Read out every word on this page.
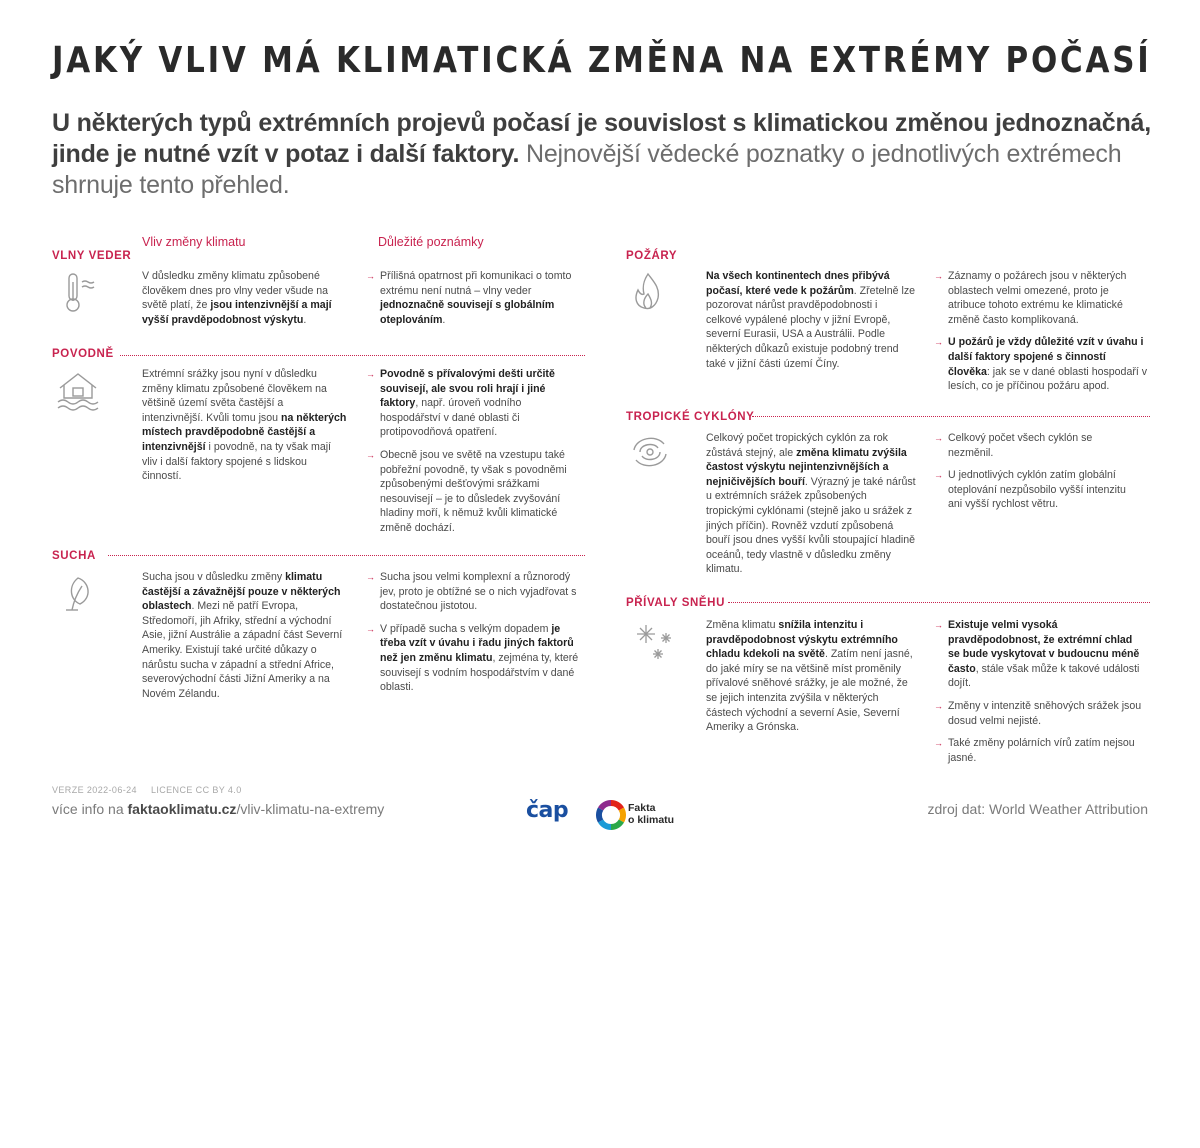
JAKÝ VLIV MÁ KLIMATICKÁ ZMĚNA NA EXTRÉMY POČASÍ
U některých typů extrémních projevů počasí je souvislost s klimatickou změnou jednoznačná, jinde je nutné vzít v potaz i další faktory. Nejnovější vědecké poznatky o jednotlivých extrémech shrnuje tento přehled.
Vliv změny klimatu	Důležité poznámky
VLNY VEDER
V důsledku změny klimatu způsobené člověkem dnes pro vlny veder všude na světě platí, že jsou intenzivnější a mají vyšší pravděpodobnost výskytu.
→ Přílišná opatrnost při komunikaci o tomto extrému není nutná – vlny veder jednoznačně souvisejí s globálním oteplováním.
POVODNĚ
Extrémní srážky jsou nyní v důsledku změny klimatu způsobené člověkem na většině území světa častější a intenzivnější. Kvůli tomu jsou na některých místech pravděpodobně častější a intenzivnější i povodně, na ty však mají vliv i další faktory spojené s lidskou činností.
→ Povodně s přívalovými dešti určitě souvisejí, ale svou roli hrají i jiné faktory, např. úroveň vodního hospodářství v dané oblasti či protipovodňová opatření.
→ Obecně jsou ve světě na vzestupu také pobřežní povodně, ty však s povodněmi způsobenými dešťovými srážkami nesouvisejí – je to důsledek zvyšování hladiny moří, k němuž kvůli klimatické změně dochází.
SUCHA
Sucha jsou v důsledku změny klimatu častější a závažnější pouze v některých oblastech. Mezi ně patří Evropa, Středomoří, jih Afriky, střední a východní Asie, jižní Austrálie a západní část Severní Ameriky. Existují také určité důkazy o nárůstu sucha v západní a střední Africe, severovýchodní části Jižní Ameriky a na Novém Zélandu.
→ Sucha jsou velmi komplexní a různorodý jev, proto je obtížné se o nich vyjadřovat s dostatečnou jistotou.
→ V případě sucha s velkým dopadem je třeba vzít v úvahu i řadu jiných faktorů než jen změnu klimatu, zejména ty, které souvisejí s vodním hospodářstvím v dané oblasti.
POŽÁRY
Na všech kontinentech dnes přibývá počasí, které vede k požárům. Zřetelně lze pozorovat nárůst pravděpodobnosti i celkové vypálené plochy v jižní Evropě, severní Eurasii, USA a Austrálii. Podle některých důkazů existuje podobný trend také v jižní části území Číny.
→ Záznamy o požárech jsou v některých oblastech velmi omezené, proto je atribuce tohoto extrému ke klimatické změně často komplikovaná.
→ U požárů je vždy důležité vzít v úvahu i další faktory spojené s činností člověka: jak se v dané oblasti hospodaří v lesích, co je příčinou požáru apod.
TROPICKÉ CYKLÓNY
Celkový počet tropických cyklón za rok zůstává stejný, ale změna klimatu zvýšila častost výskytu nejintenzivnějších a nejničivějších bouří. Výrazný je také nárůst u extrémních srážek způsobených tropickými cyklónami (stejně jako u srážek z jiných příčin). Rovněž vzdutí způsobená bouří jsou dnes vyšší kvůli stoupající hladině oceánů, tedy vlastně v důsledku změny klimatu.
→ Celkový počet všech cyklón se nezměnil.
→ U jednotlivých cyklón zatím globální oteplování nezpůsobilo vyšší intenzitu ani vyšší rychlost větru.
PŘÍVALY SNĚHU
Změna klimatu snížila intenzitu i pravděpodobnost výskytu extrémního chladu kdekoli na světě. Zatím není jasné, do jaké míry se na většině míst proměnily přívalové sněhové srážky, je ale možné, že se jejich intenzita zvýšila v některých částech východní a severní Asie, Severní Ameriky a Grónska.
→ Existuje velmi vysoká pravděpodobnost, že extrémní chlad se bude vyskytovat v budoucnu méně často, stále však může k takové události dojít.
→ Změny v intenzitě sněhových srážek jsou dosud velmi nejisté.
→ Také změny polárních vírů zatím nejsou jasné.
VERZE 2022-06-24 LICENCE CC BY 4.0
více info na faktaoklimatu.cz/vliv-klimatu-na-extremy	čap	Fakta
o klimatu
zdroj dat: World Weather Attribution
